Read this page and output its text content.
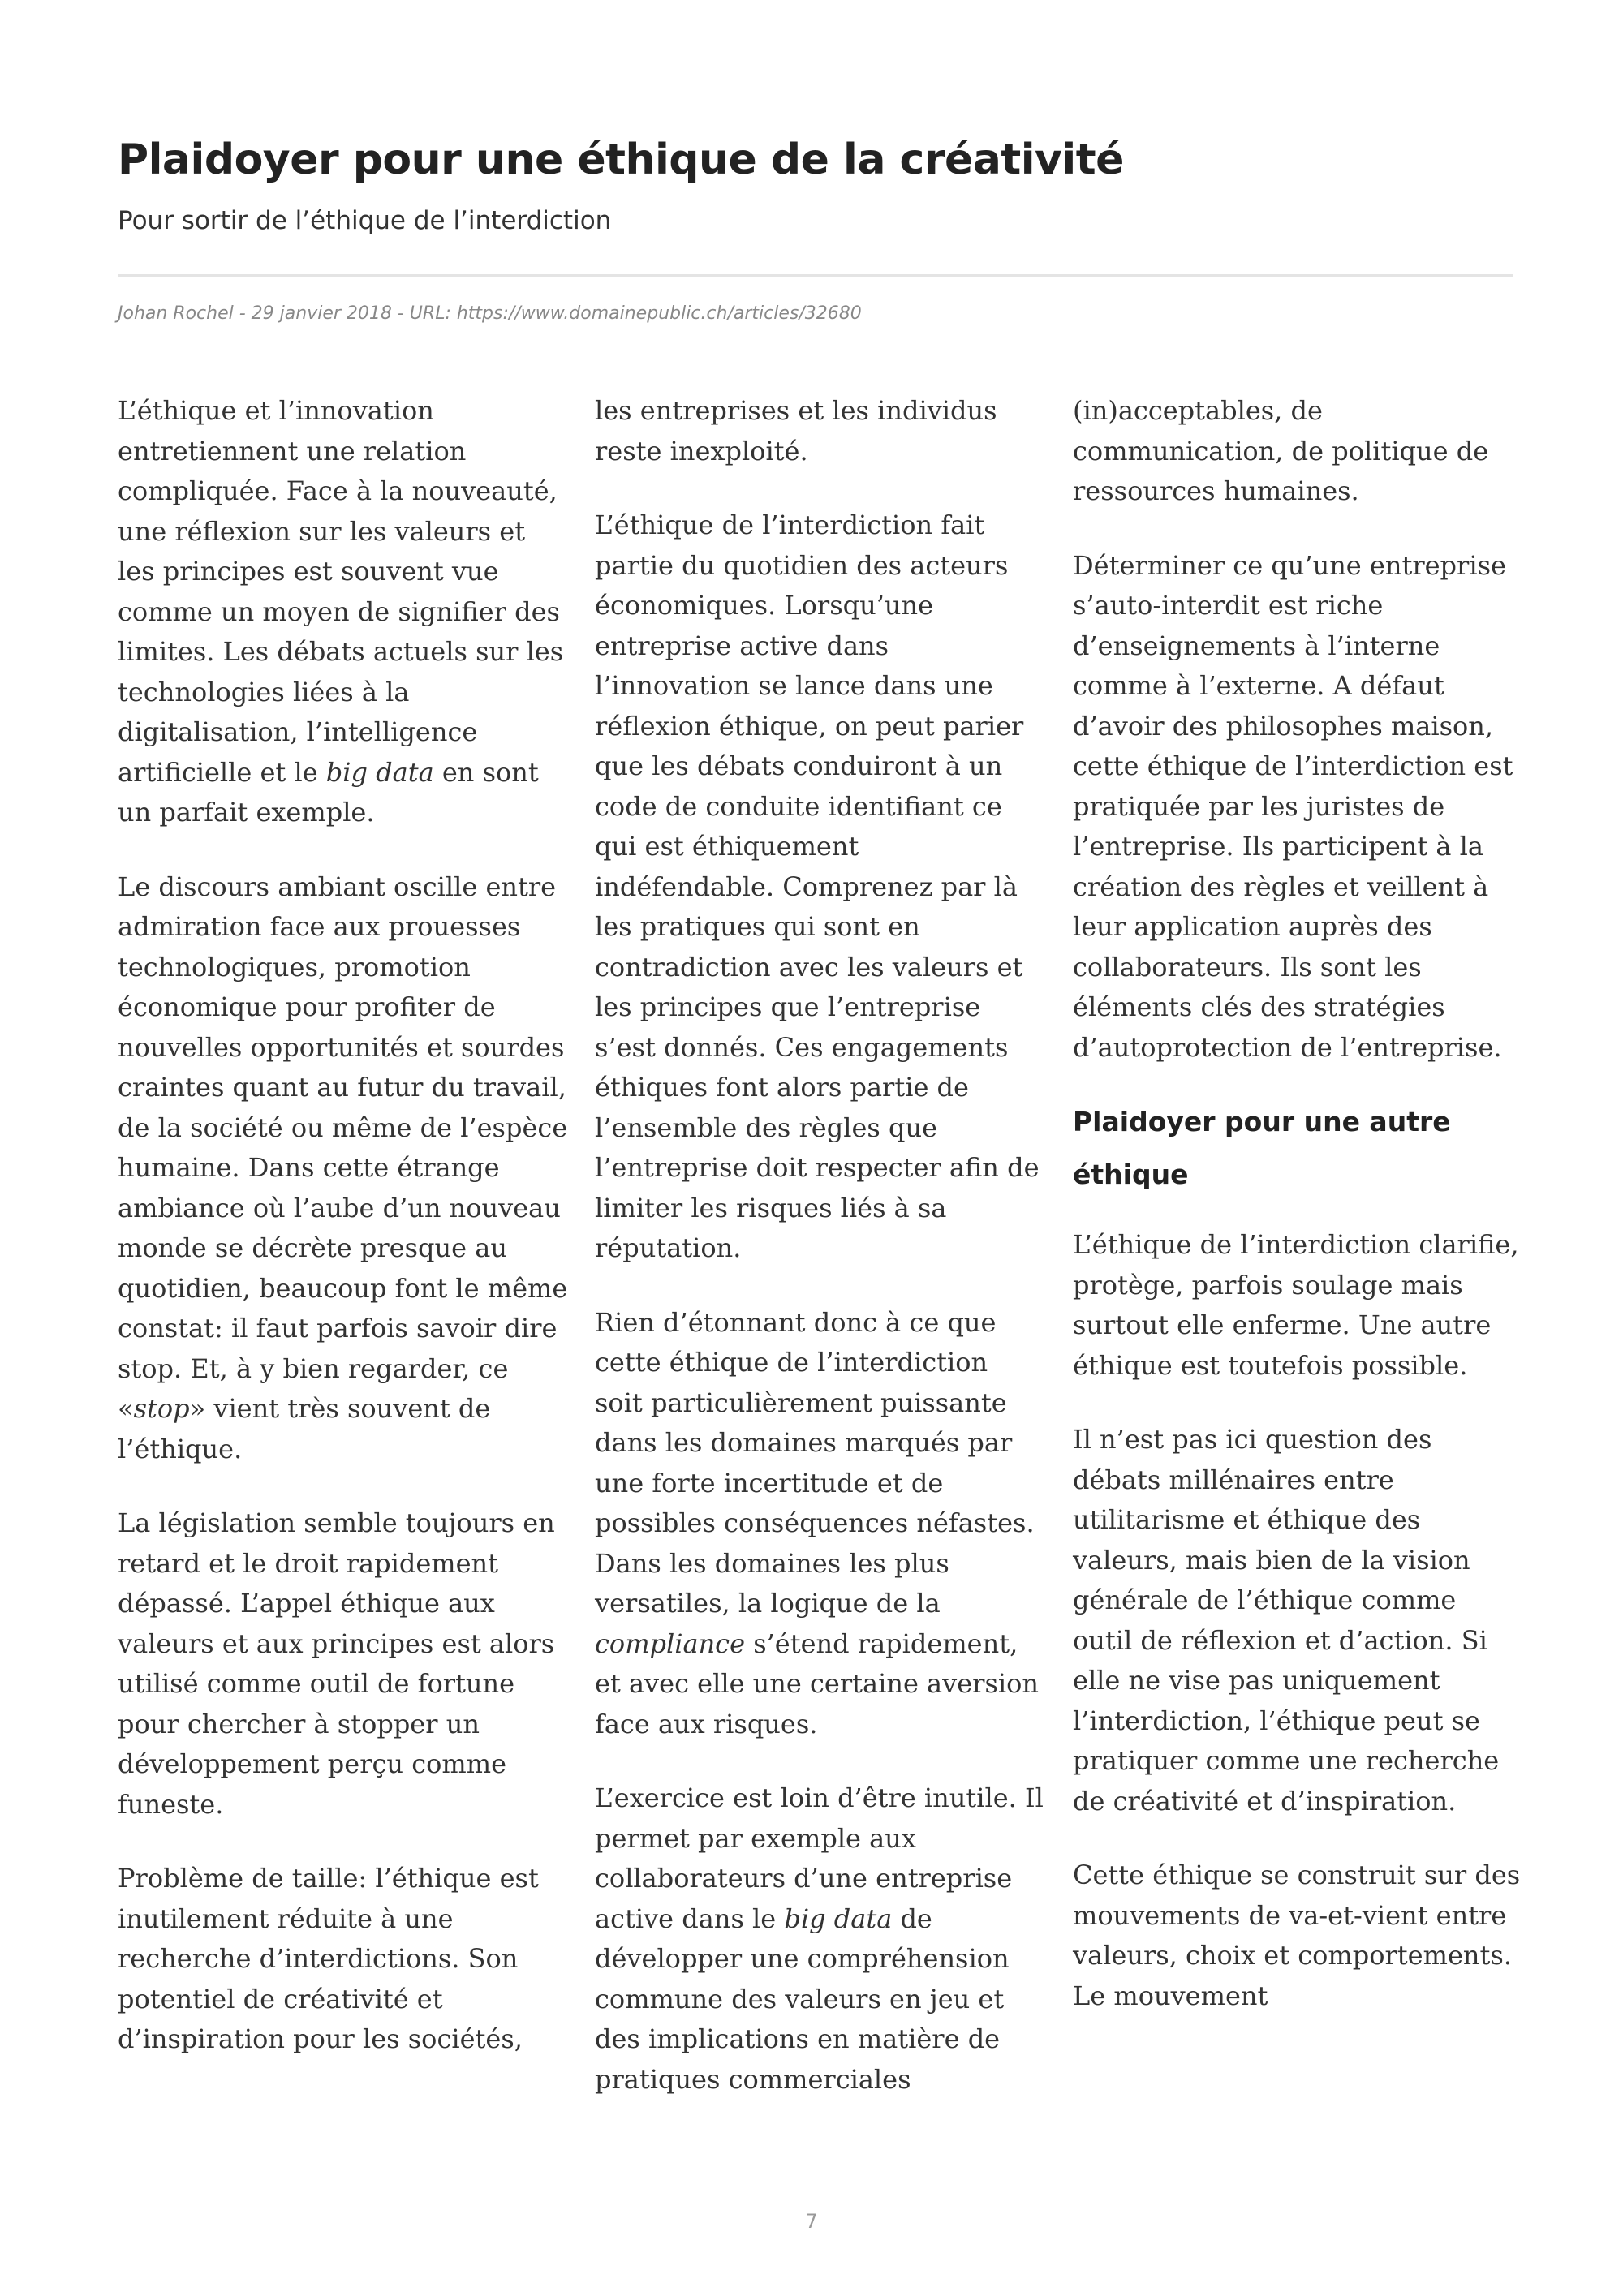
Plaidoyer pour une éthique de la créativité

Pour sortir de l’éthique de l’interdiction

Johan Rochel - 29 janvier 2018 - URL: https://www.domainepublic.ch/articles/32680

L’éthique et l’innovation entretiennent une relation compliquée. Face à la nouveauté, une réflexion sur les valeurs et les principes est souvent vue comme un moyen de signifier des limites. Les débats actuels sur les technologies liées à la digitalisation, l’intelligence artificielle et le big data en sont un parfait exemple.

Le discours ambiant oscille entre admiration face aux prouesses technologiques, promotion économique pour profiter de nouvelles opportunités et sourdes craintes quant au futur du travail, de la société ou même de l’espèce humaine. Dans cette étrange ambiance où l’aube d’un nouveau monde se décrète presque au quotidien, beaucoup font le même constat: il faut parfois savoir dire stop. Et, à y bien regarder, ce «stop» vient très souvent de l’éthique.

La législation semble toujours en retard et le droit rapidement dépassé. L’appel éthique aux valeurs et aux principes est alors utilisé comme outil de fortune pour chercher à stopper un développement perçu comme funeste.

Problème de taille: l’éthique est inutilement réduite à une recherche d’interdictions. Son potentiel de créativité et d’inspiration pour les sociétés,

les entreprises et les individus reste inexploité.

L’éthique de l’interdiction fait partie du quotidien des acteurs économiques. Lorsqu’une entreprise active dans l’innovation se lance dans une réflexion éthique, on peut parier que les débats conduiront à un code de conduite identifiant ce qui est éthiquement indéfendable. Comprenez par là les pratiques qui sont en contradiction avec les valeurs et les principes que l’entreprise s’est donnés. Ces engagements éthiques font alors partie de l’ensemble des règles que l’entreprise doit respecter afin de limiter les risques liés à sa réputation.

Rien d’étonnant donc à ce que cette éthique de l’interdiction soit particulièrement puissante dans les domaines marqués par une forte incertitude et de possibles conséquences néfastes. Dans les domaines les plus versatiles, la logique de la compliance s’étend rapidement, et avec elle une certaine aversion face aux risques.

L’exercice est loin d’être inutile. Il permet par exemple aux collaborateurs d’une entreprise active dans le big data de développer une compréhension commune des valeurs en jeu et des implications en matière de pratiques commerciales

(in)acceptables, de communication, de politique de ressources humaines.

Déterminer ce qu’une entreprise s’auto-interdit est riche d’enseignements à l’interne comme à l’externe. A défaut d’avoir des philosophes maison, cette éthique de l’interdiction est pratiquée par les juristes de l’entreprise. Ils participent à la création des règles et veillent à leur application auprès des collaborateurs. Ils sont les éléments clés des stratégies d’autoprotection de l’entreprise.

Plaidoyer pour une autre éthique

L’éthique de l’interdiction clarifie, protège, parfois soulage mais surtout elle enferme. Une autre éthique est toutefois possible.

Il n’est pas ici question des débats millénaires entre utilitarisme et éthique des valeurs, mais bien de la vision générale de l’éthique comme outil de réflexion et d’action. Si elle ne vise pas uniquement l’interdiction, l’éthique peut se pratiquer comme une recherche de créativité et d’inspiration.

Cette éthique se construit sur des mouvements de va-et-vient entre valeurs, choix et comportements. Le mouvement

7
